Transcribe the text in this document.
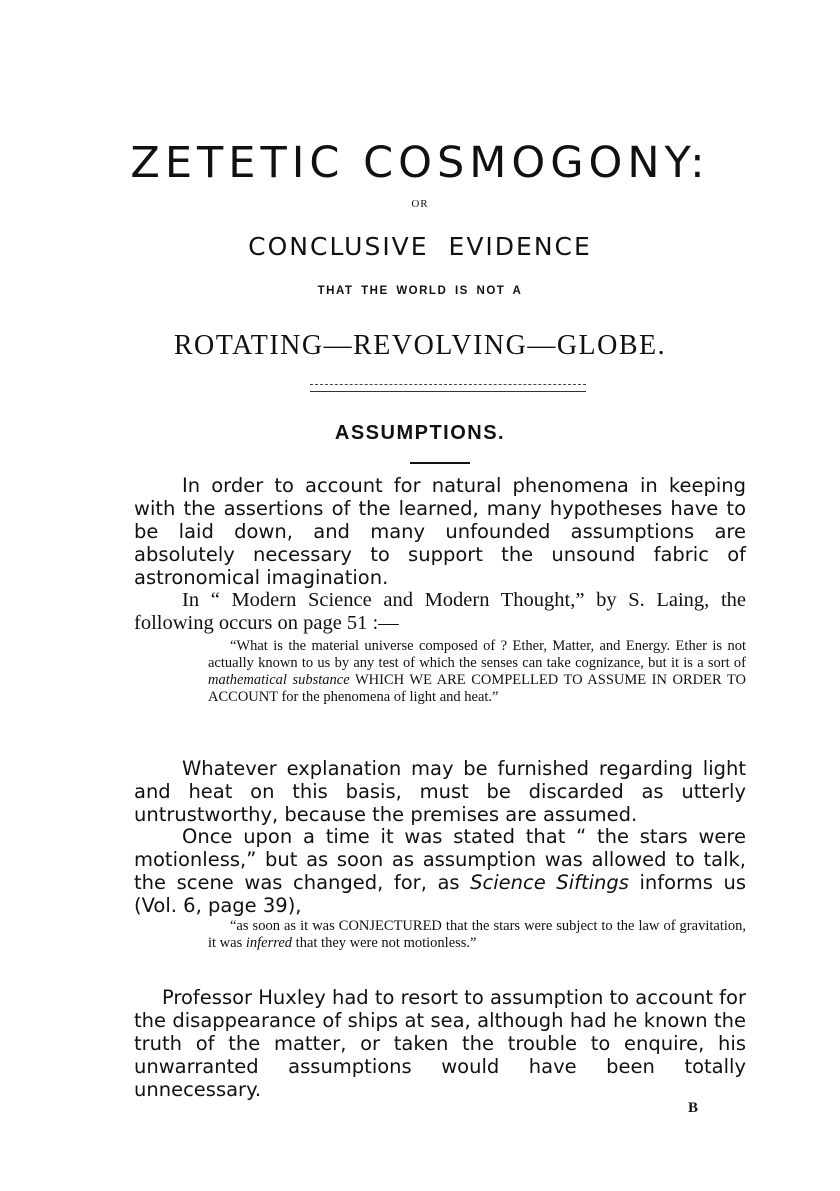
ZETETIC COSMOGONY:
OR
CONCLUSIVE EVIDENCE
THAT THE WORLD IS NOT A
ROTATING—REVOLVING—GLOBE.
ASSUMPTIONS.

In order to account for natural phenomena in keeping with the assertions of the learned, many hypotheses have to be laid down, and many unfounded assumptions are absolutely necessary to support the unsound fabric of astronomical imagination.

In “ Modern Science and Modern Thought,” by S. Laing, the following occurs on page 51 :—

“What is the material universe composed of ? Ether, Matter, and Energy. Ether is not actually known to us by any test of which the senses can take cognizance, but it is a sort of mathematical substance WHICH WE ARE COMPELLED TO ASSUME IN ORDER TO ACCOUNT for the phenomena of light and heat.”

Whatever explanation may be furnished regarding light and heat on this basis, must be discarded as utterly untrustworthy, because the premises are assumed.

Once upon a time it was stated that “ the stars were motionless,” but as soon as assumption was allowed to talk, the scene was changed, for, as Science Siftings informs us (Vol. 6, page 39),

“as soon as it was CONJECTURED that the stars were subject to the law of gravitation, it was inferred that they were not motionless.”

Professor Huxley had to resort to assumption to account for the disappearance of ships at sea, although had he known the truth of the matter, or taken the trouble to enquire, his unwarranted assumptions would have been totally unnecessary.

B
